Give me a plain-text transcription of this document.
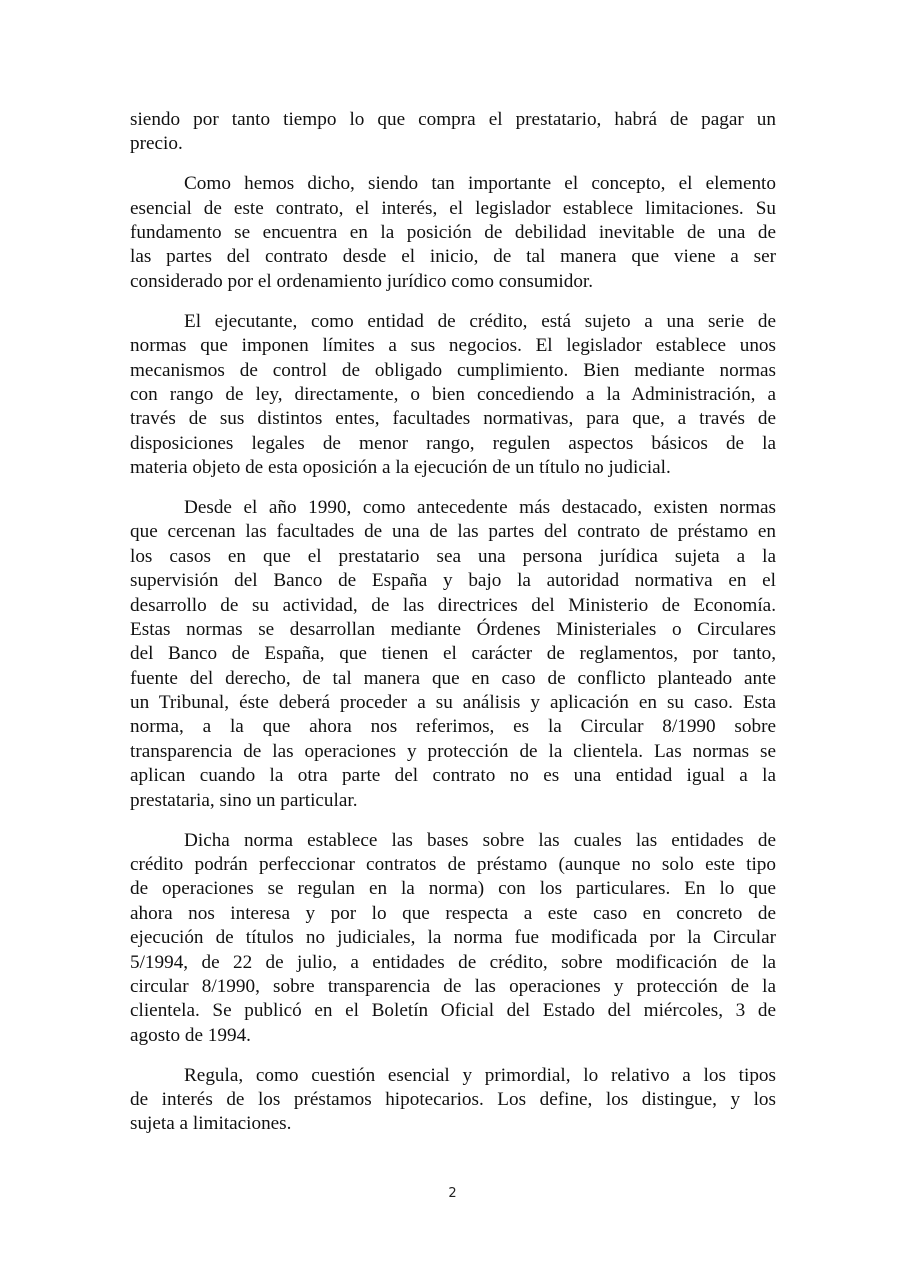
siendo por tanto tiempo lo que compra el prestatario, habrá de pagar un
precio.
Como hemos dicho, siendo tan importante el concepto, el elemento
esencial de este contrato, el interés, el legislador establece limitaciones. Su
fundamento se encuentra en la posición de debilidad inevitable de una de
las partes del contrato desde el inicio, de tal manera que viene a ser
considerado por el ordenamiento jurídico como consumidor.
El ejecutante, como entidad de crédito, está sujeto a una serie de
normas que imponen límites a sus negocios. El legislador establece unos
mecanismos de control de obligado cumplimiento. Bien mediante normas
con rango de ley, directamente, o bien concediendo a la Administración, a
través de sus distintos entes, facultades normativas, para que, a través de
disposiciones legales de menor rango, regulen aspectos básicos de la
materia objeto de esta oposición a la ejecución de un título no judicial.
Desde el año 1990, como antecedente más destacado, existen normas
que cercenan las facultades de una de las partes del contrato de préstamo en
los casos en que el prestatario sea una persona jurídica sujeta a la
supervisión del Banco de España y bajo la autoridad normativa en el
desarrollo de su actividad, de las directrices del Ministerio de Economía.
Estas normas se desarrollan mediante Órdenes Ministeriales o Circulares
del Banco de España, que tienen el carácter de reglamentos, por tanto,
fuente del derecho, de tal manera que en caso de conflicto planteado ante
un Tribunal, éste deberá proceder a su análisis y aplicación en su caso. Esta
norma, a la que ahora nos referimos, es la Circular 8/1990 sobre
transparencia de las operaciones y protección de la clientela. Las normas se
aplican cuando la otra parte del contrato no es una entidad igual a la
prestataria, sino un particular.
Dicha norma establece las bases sobre las cuales las entidades de
crédito podrán perfeccionar contratos de préstamo (aunque no solo este tipo
de operaciones se regulan en la norma) con los particulares. En lo que
ahora nos interesa y por lo que respecta a este caso en concreto de
ejecución de títulos no judiciales, la norma fue modificada por la Circular
5/1994, de 22 de julio, a entidades de crédito, sobre modificación de la
circular 8/1990, sobre transparencia de las operaciones y protección de la
clientela. Se publicó en el Boletín Oficial del Estado del miércoles, 3 de
agosto de 1994.
Regula, como cuestión esencial y primordial, lo relativo a los tipos
de interés de los préstamos hipotecarios. Los define, los distingue, y los
sujeta a limitaciones.
2
